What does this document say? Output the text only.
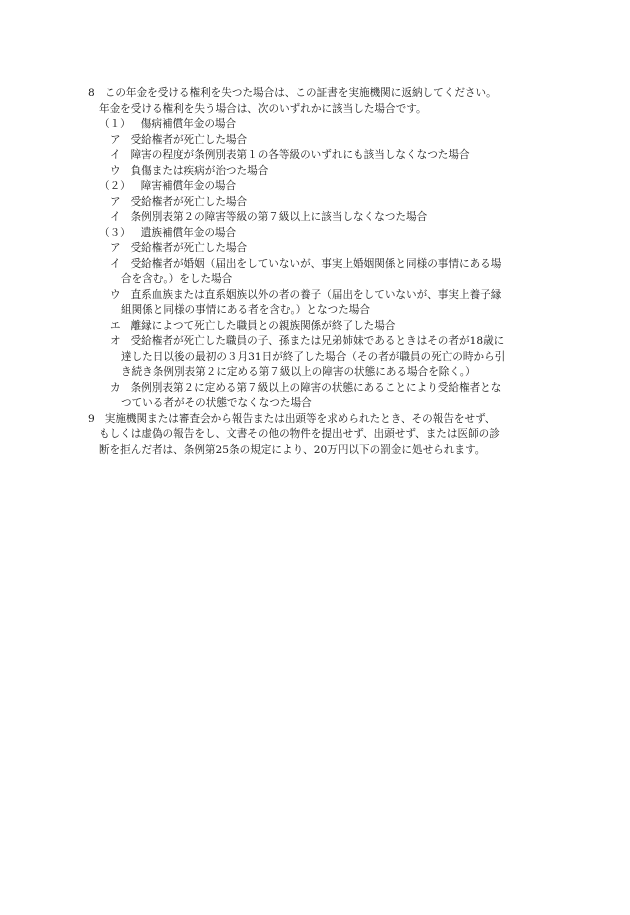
8 この年金を受ける権利を失つた場合は、この証書を実施機関に返納してください。
年金を受ける権利を失う場合は、次のいずれかに該当した場合です。
（１） 傷病補償年金の場合
ア 受給権者が死亡した場合
イ 障害の程度が条例別表第１の各等級のいずれにも該当しなくなつた場合
ウ 負傷または疾病が治つた場合
（２） 障害補償年金の場合
ア 受給権者が死亡した場合
イ 条例別表第２の障害等級の第７級以上に該当しなくなつた場合
（３） 遺族補償年金の場合
ア 受給権者が死亡した場合
イ 受給権者が婚姻（届出をしていないが、事実上婚姻関係と同様の事情にある場
合を含む。）をした場合
ウ 直系血族または直系姻族以外の者の養子（届出をしていないが、事実上養子縁
組関係と同様の事情にある者を含む。）となつた場合
エ 離縁によつて死亡した職員との親族関係が終了した場合
オ 受給権者が死亡した職員の子、孫または兄弟姉妹であるときはその者が18歳に
達した日以後の最初の３月31日が終了した場合（その者が職員の死亡の時から引
き続き条例別表第２に定める第７級以上の障害の状態にある場合を除く。）
カ 条例別表第２に定める第７級以上の障害の状態にあることにより受給権者とな
つている者がその状態でなくなつた場合
9 実施機関または審査会から報告または出頭等を求められたとき、その報告をせず、
もしくは虚偽の報告をし、文書その他の物件を提出せず、出頭せず、または医師の診
断を拒んだ者は、条例第25条の規定により、20万円以下の罰金に処せられます。
